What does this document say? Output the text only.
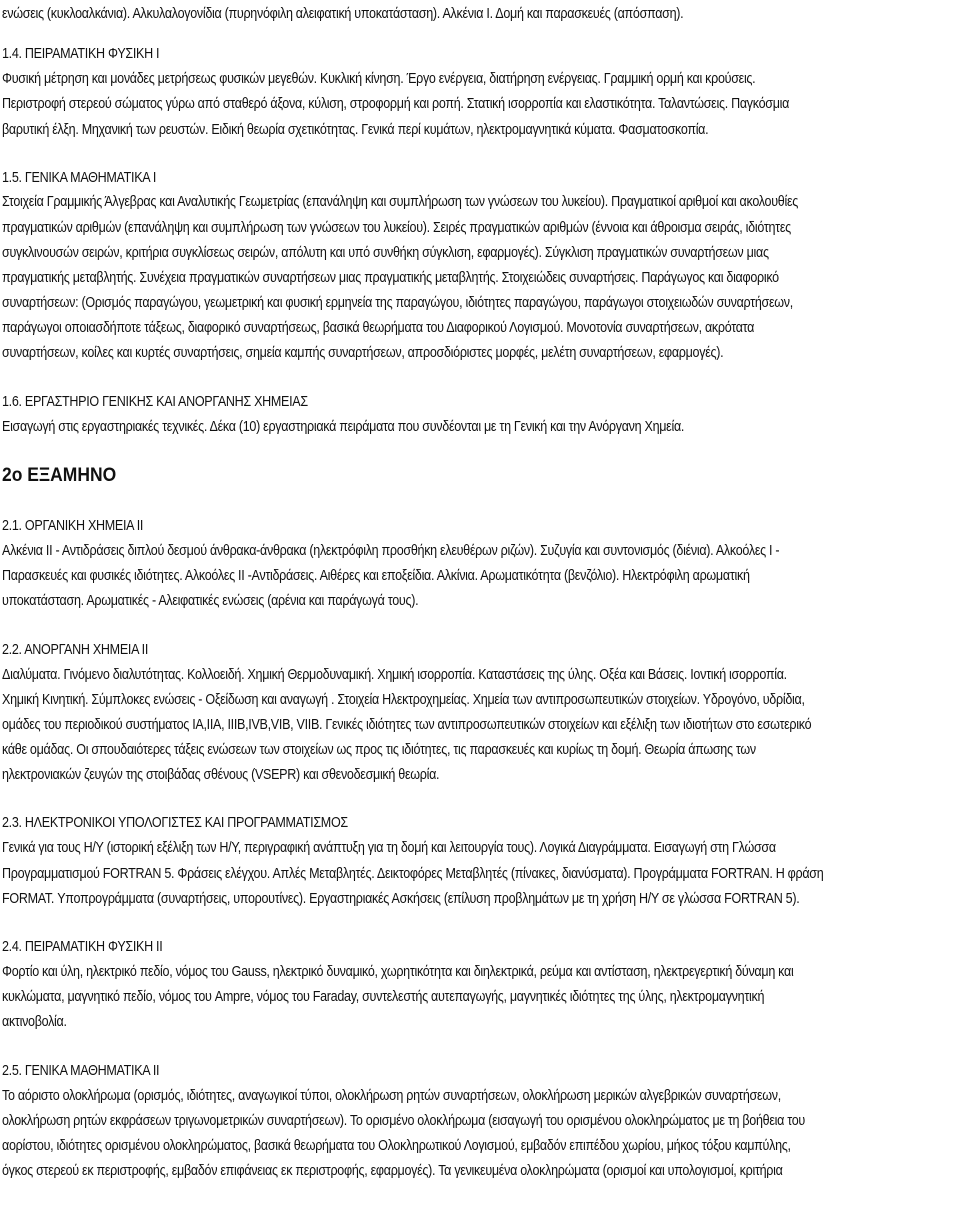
ενώσεις (κυκλοαλκάνια). Αλκυλαλογονίδια (πυρηνόφιλη αλειφατική υποκατάσταση). Αλκένια Ι. Δομή και παρασκευές (απόσπαση).
1.4. ΠΕΙΡΑΜΑΤΙΚΗ ΦΥΣΙΚΗ Ι
Φυσική μέτρηση και μονάδες μετρήσεως φυσικών μεγεθών. Κυκλική κίνηση. Έργο ενέργεια, διατήρηση ενέργειας. Γραμμική ορμή και κρούσεις.
Περιστροφή στερεού σώματος γύρω από σταθερό άξονα, κύλιση, στροφορμή και ροπή. Στατική ισορροπία και ελαστικότητα. Ταλαντώσεις. Παγκόσμια
βαρυτική έλξη. Μηχανική των ρευστών. Ειδική θεωρία σχετικότητας. Γενικά περί κυμάτων, ηλεκτρομαγνητικά κύματα. Φασματοσκοπία.
1.5. ΓΕΝΙΚΑ ΜΑΘΗΜΑΤΙΚΑ Ι
Στοιχεία Γραμμικής Άλγεβρας και Αναλυτικής Γεωμετρίας (επανάληψη και συμπλήρωση των γνώσεων του λυκείου). Πραγματικοί αριθμοί και ακολουθίες
πραγματικών αριθμών (επανάληψη και συμπλήρωση των γνώσεων του λυκείου). Σειρές πραγματικών αριθμών (έννοια και άθροισμα σειράς, ιδιότητες
συγκλινουσών σειρών, κριτήρια συγκλίσεως σειρών, απόλυτη και υπό συνθήκη σύγκλιση, εφαρμογές). Σύγκλιση πραγματικών συναρτήσεων μιας
πραγματικής μεταβλητής. Συνέχεια πραγματικών συναρτήσεων μιας πραγματικής μεταβλητής. Στοιχειώδεις συναρτήσεις. Παράγωγος και διαφορικό
συναρτήσεων: (Ορισμός παραγώγου, γεωμετρική και φυσική ερμηνεία της παραγώγου, ιδιότητες παραγώγου, παράγωγοι στοιχειωδών συναρτήσεων,
παράγωγοι οποιασδήποτε τάξεως, διαφορικό συναρτήσεως, βασικά θεωρήματα του Διαφορικού Λογισμού. Μονοτονία συναρτήσεων, ακρότατα
συναρτήσεων, κοίλες και κυρτές συναρτήσεις, σημεία καμπής συναρτήσεων, απροσδιόριστες μορφές, μελέτη συναρτήσεων, εφαρμογές).
1.6. ΕΡΓΑΣΤΗΡΙΟ ΓΕΝΙΚΗΣ ΚΑΙ ΑΝΟΡΓΑΝΗΣ ΧΗΜΕΙΑΣ
Εισαγωγή στις εργαστηριακές τεχνικές. Δέκα (10) εργαστηριακά πειράματα που συνδέονται με τη Γενική και την Ανόργανη Χημεία.
2ο ΕΞΑΜΗΝΟ
2.1. ΟΡΓΑΝΙΚΗ ΧΗΜΕΙΑ ΙΙ
Αλκένια ΙΙ - Αντιδράσεις διπλού δεσμού άνθρακα-άνθρακα (ηλεκτρόφιλη προσθήκη ελευθέρων ριζών). Συζυγία και συντονισμός (διένια). Αλκοόλες Ι -
Παρασκευές και φυσικές ιδιότητες. Αλκοόλες ΙΙ -Αντιδράσεις. Αιθέρες και εποξείδια. Αλκίνια. Αρωματικότητα (βενζόλιο). Ηλεκτρόφιλη αρωματική
υποκατάσταση. Αρωματικές - Αλειφατικές ενώσεις (αρένια και παράγωγά τους).
2.2. ΑΝΟΡΓΑΝΗ ΧΗΜΕΙΑ ΙΙ
Διαλύματα. Γινόμενο διαλυτότητας. Κολλοειδή. Χημική Θερμοδυναμική. Χημική ισορροπία. Καταστάσεις της ύλης. Οξέα και Βάσεις. Ιοντική ισορροπία.
Χημική Κινητική. Σύμπλοκες ενώσεις - Οξείδωση και αναγωγή . Στοιχεία Ηλεκτροχημείας. Χημεία των αντιπροσωπευτικών στοιχείων. Υδρογόνο, υδρίδια,
ομάδες του περιοδικού συστήματος ΙΑ,ΙΙΑ, ΙΙΙΒ,ΙVΒ,VΙΒ, VΙΙΒ. Γενικές ιδιότητες των αντιπροσωπευτικών στοιχείων και εξέλιξη των ιδιοτήτων στο εσωτερικό
κάθε ομάδας. Οι σπουδαιότερες τάξεις ενώσεων των στοιχείων ως προς τις ιδιότητες, τις παρασκευές και κυρίως τη δομή. Θεωρία άπωσης των
ηλεκτρονιακών ζευγών της στοιβάδας σθένους (VSEPR) και σθενοδεσμική θεωρία.
2.3. ΗΛΕΚΤΡΟΝΙΚΟΙ ΥΠΟΛΟΓΙΣΤΕΣ ΚΑΙ ΠΡΟΓΡΑΜΜΑΤΙΣΜΟΣ
Γενικά για τους Η/Υ (ιστορική εξέλιξη των Η/Υ, περιγραφική ανάπτυξη για τη δομή και λειτουργία τους). Λογικά Διαγράμματα. Εισαγωγή στη Γλώσσα
Προγραμματισμού FORTRAN 5. Φράσεις ελέγχου. Απλές Μεταβλητές. Δεικτοφόρες Μεταβλητές (πίνακες, διανύσματα). Προγράμματα FORTRAN. Η φράση
FORMAT. Υποπρογράμματα (συναρτήσεις, υπορουτίνες). Εργαστηριακές Ασκήσεις (επίλυση προβλημάτων με τη χρήση Η/Υ σε γλώσσα FORTRAN 5).
2.4. ΠΕΙΡΑΜΑΤΙΚΗ ΦΥΣΙΚΗ ΙΙ
Φορτίο και ύλη, ηλεκτρικό πεδίο, νόμος του Gauss, ηλεκτρικό δυναμικό, χωρητικότητα και διηλεκτρικά, ρεύμα και αντίσταση, ηλεκτρεγερτική δύναμη και
κυκλώματα, μαγνητικό πεδίο, νόμος του Ampre, νόμος του Faraday, συντελεστής αυτεπαγωγής, μαγνητικές ιδιότητες της ύλης, ηλεκτρομαγνητική
ακτινοβολία.
2.5. ΓΕΝΙΚΑ ΜΑΘΗΜΑΤΙΚΑ ΙΙ
Το αόριστο ολοκλήρωμα (ορισμός, ιδιότητες, αναγωγικοί τύποι, ολοκλήρωση ρητών συναρτήσεων, ολοκλήρωση μερικών αλγεβρικών συναρτήσεων,
ολοκλήρωση ρητών εκφράσεων τριγωνομετρικών συναρτήσεων). Το ορισμένο ολοκλήρωμα (εισαγωγή του ορισμένου ολοκληρώματος με τη βοήθεια του
αορίστου, ιδιότητες ορισμένου ολοκληρώματος, βασικά θεωρήματα του Ολοκληρωτικού Λογισμού, εμβαδόν επιπέδου χωρίου, μήκος τόξου καμπύλης,
όγκος στερεού εκ περιστροφής, εμβαδόν επιφάνειας εκ περιστροφής, εφαρμογές). Τα γενικευμένα ολοκληρώματα (ορισμοί και υπολογισμοί, κριτήρια
